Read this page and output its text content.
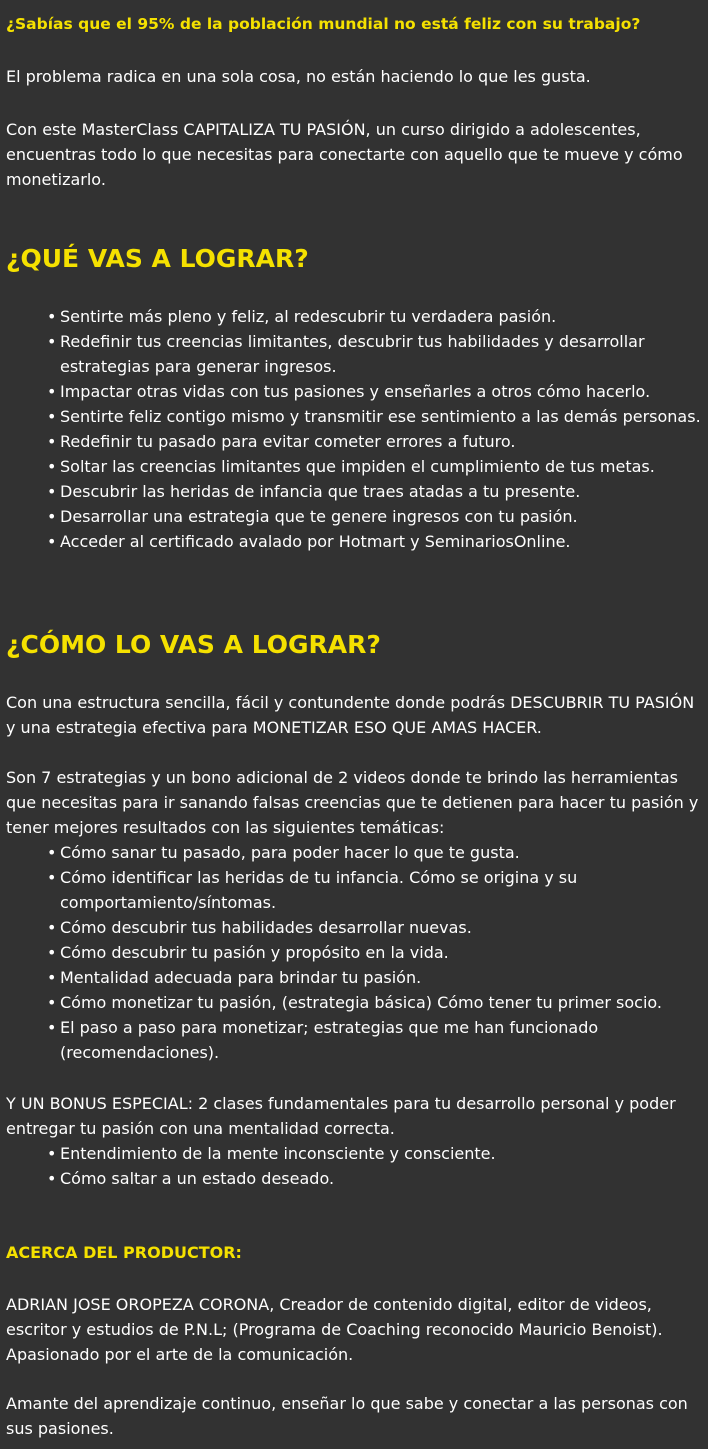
¿Sabías que el 95% de la población mundial no está feliz con su trabajo?

El problema radica en una sola cosa, no están haciendo lo que les gusta.

Con este MasterClass CAPITALIZA TU PASIÓN, un curso dirigido a adolescentes, encuentras todo lo que necesitas para conectarte con aquello que te mueve y cómo monetizarlo.

¿QUÉ VAS A LOGRAR?
• Sentirte más pleno y feliz, al redescubrir tu verdadera pasión.
• Redefinir tus creencias limitantes, descubrir tus habilidades y desarrollar estrategias para generar ingresos.
• Impactar otras vidas con tus pasiones y enseñarles a otros cómo hacerlo.
• Sentirte feliz contigo mismo y transmitir ese sentimiento a las demás personas.
• Redefinir tu pasado para evitar cometer errores a futuro.
• Soltar las creencias limitantes que impiden el cumplimiento de tus metas.
• Descubrir las heridas de infancia que traes atadas a tu presente.
• Desarrollar una estrategia que te genere ingresos con tu pasión.
• Acceder al certificado avalado por Hotmart y SeminariosOnline.
¿CÓMO LO VAS A LOGRAR?

Con una estructura sencilla, fácil y contundente donde podrás DESCUBRIR TU PASIÓN y una estrategia efectiva para MONETIZAR ESO QUE AMAS HACER.

Son 7 estrategias y un bono adicional de 2 videos donde te brindo las herramientas que necesitas para ir sanando falsas creencias que te detienen para hacer tu pasión y tener mejores resultados con las siguientes temáticas:

• Cómo sanar tu pasado, para poder hacer lo que te gusta.
• Cómo identificar las heridas de tu infancia. Cómo se origina y su comportamiento/síntomas.
• Cómo descubrir tus habilidades desarrollar nuevas.
• Cómo descubrir tu pasión y propósito en la vida.
• Mentalidad adecuada para brindar tu pasión.
• Cómo monetizar tu pasión, (estrategia básica) Cómo tener tu primer socio.
• El paso a paso para monetizar; estrategias que me han funcionado (recomendaciones).

Y UN BONUS ESPECIAL: 2 clases fundamentales para tu desarrollo personal y poder entregar tu pasión con una mentalidad correcta.

• Entendimiento de la mente inconsciente y consciente.
• Cómo saltar a un estado deseado.
ACERCA DEL PRODUCTOR:

ADRIAN JOSE OROPEZA CORONA, Creador de contenido digital, editor de videos, escritor y estudios de P.N.L; (Programa de Coaching reconocido Mauricio Benoist). Apasionado por el arte de la comunicación.

Amante del aprendizaje continuo, enseñar lo que sabe y conectar a las personas con sus pasiones.
